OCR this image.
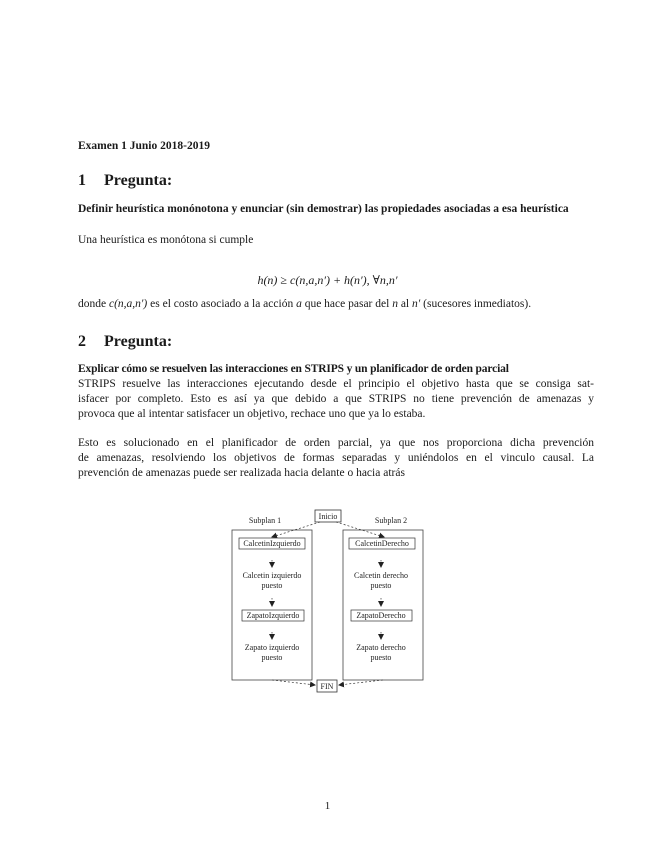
Examen 1 Junio 2018-2019
1 Pregunta:
Definir heurística monónotona y enunciar (sin demostrar) las propiedades asociadas a esa heurística
Una heurística es monótona si cumple
h(n) ≥ c(n,a,n′) + h(n′), ∀n,n′
donde c(n,a,n′) es el costo asociado a la acción a que hace pasar del n al n′ (sucesores inmediatos).
2 Pregunta:
Explicar cómo se resuelven las interacciones en STRIPS y un planificador de orden parcial
STRIPS resuelve las interacciones ejecutando desde el principio el objetivo hasta que se consiga sat-
isfacer por completo. Esto es así ya que debido a que STRIPS no tiene prevención de amenazas y
provoca que al intentar satisfacer un objetivo, rechace uno que ya lo estaba.
Esto es solucionado en el planificador de orden parcial, ya que nos proporciona dicha prevención
de amenazas, resolviendo los objetivos de formas separadas y uniéndolos en el vinculo causal. La
prevención de amenazas puede ser realizada hacia delante o hacia atrás
Inicio
Subplan 1	Subplan 2
CalcetinIzquierdo
Calcetin izquierdo
puesto
ZapatoIzquierdo
Zapato izquierdo
puesto
CalcetinDerecho
Calcetin derecho
puesto
ZapatoDerecho
Zapato derecho
puesto
FIN
1
